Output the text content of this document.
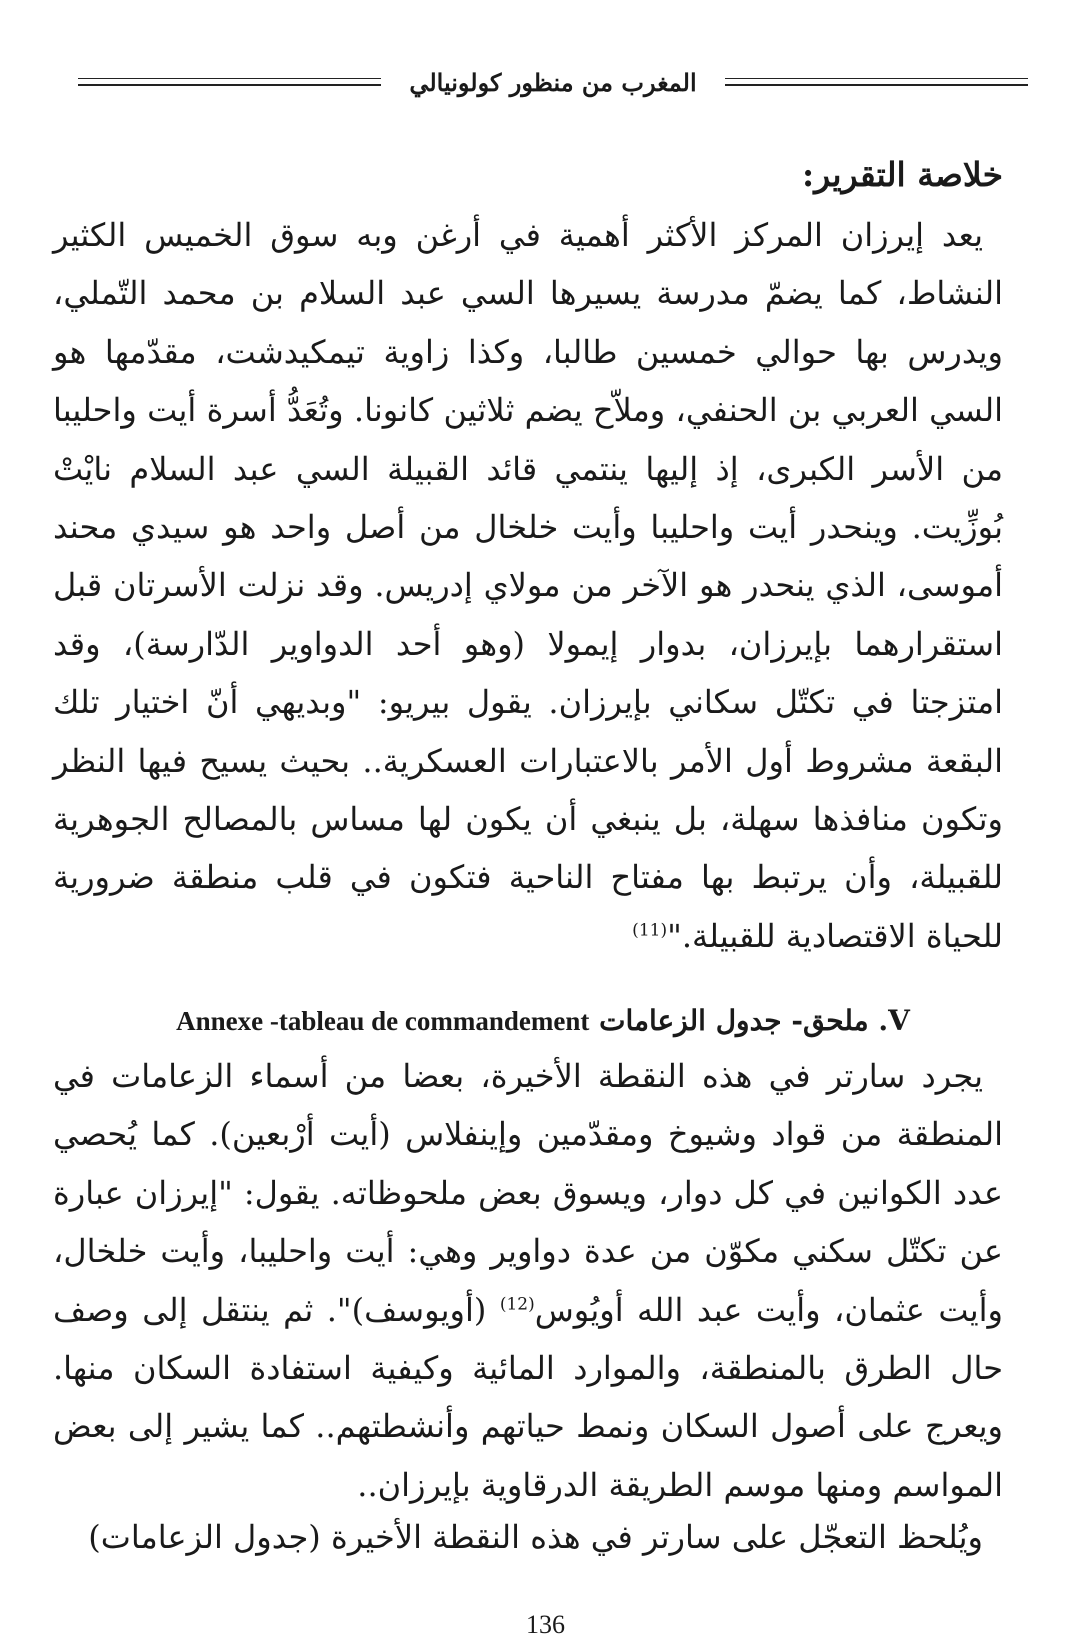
المغرب من منظور كولونيالي
خلاصة التقرير:

يعد إيرزان المركز الأكثر أهمية في أرغن وبه سوق الخميس الكثير النشاط، كما يضمّ مدرسة يسيرها السي عبد السلام بن محمد التّملي، ويدرس بها حوالي خمسين طالبا، وكذا زاوية تيمكيدشت، مقدّمها هو السي العربي بن الحنفي، وملاّح يضم ثلاثين كانونا. وتُعَدُّ أسرة أيت واحليبا من الأسر الكبرى، إذ إليها ينتمي قائد القبيلة السي عبد السلام نايْتْ بُوزِّيت. وينحدر أيت واحليبا وأيت خلخال من أصل واحد هو سيدي محند أموسى، الذي ينحدر هو الآخر من مولاي إدريس. وقد نزلت الأسرتان قبل استقرارهما بإيرزان، بدوار إيمولا (وهو أحد الدواوير الدّارسة)، وقد امتزجتا في تكتّل سكاني بإيرزان. يقول بيريو: "وبديهي أنّ اختيار تلك البقعة مشروط أول الأمر بالاعتبارات العسكرية.. بحيث يسيح فيها النظر وتكون منافذها سهلة، بل ينبغي أن يكون لها مساس بالمصالح الجوهرية للقبيلة، وأن يرتبط بها مفتاح الناحية فتكون في قلب منطقة ضرورية للحياة الاقتصادية للقبيلة."$^{(11)}$

V. ملحق- جدول الزعامات Annexe -tableau de commandement

يجرد سارتر في هذه النقطة الأخيرة، بعضا من أسماء الزعامات في المنطقة من قواد وشيوخ ومقدّمين وإينفلاس (أيت أرْبعين). كما يُحصي عدد الكوانين في كل دوار، ويسوق بعض ملحوظاته. يقول: "إيرزان عبارة عن تكتّل سكني مكوّن من عدة دواوير وهي: أيت واحليبا، وأيت خلخال، وأيت عثمان، وأيت عبد الله أويُوس$^{(12)}$ (أويوسف)". ثم ينتقل إلى وصف حال الطرق بالمنطقة، والموارد المائية وكيفية استفادة السكان منها. ويعرج على أصول السكان ونمط حياتهم وأنشطتهم.. كما يشير إلى بعض المواسم ومنها موسم الطريقة الدرقاوية بإيرزان..

ويُلحظ التعجّل على سارتر في هذه النقطة الأخيرة (جدول الزعامات)

136
